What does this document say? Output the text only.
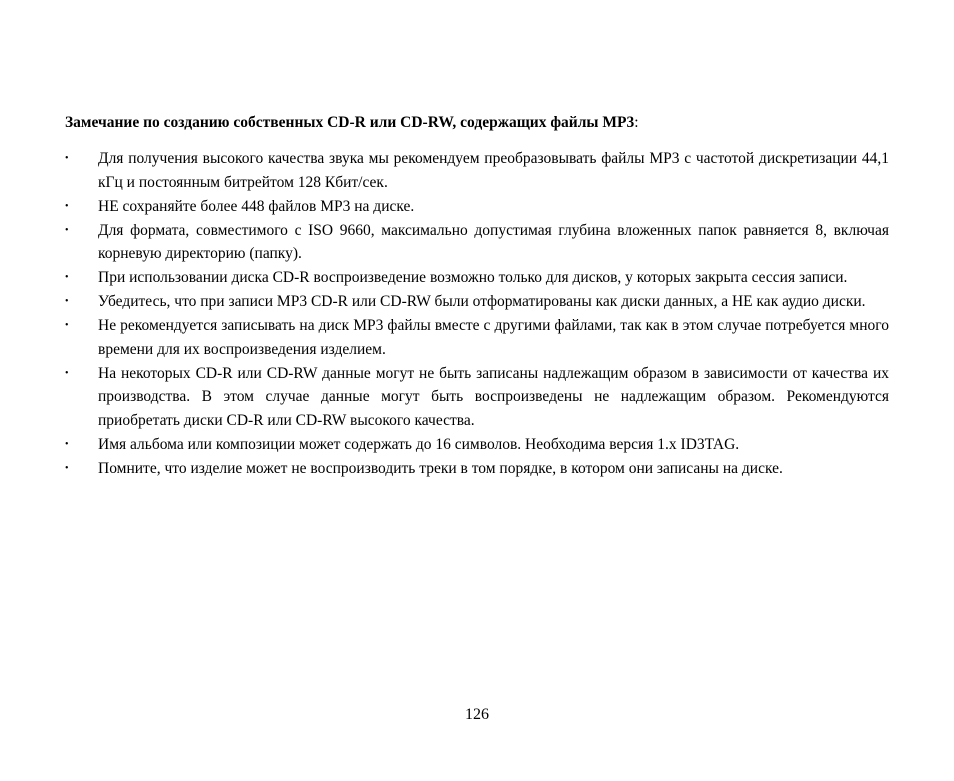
Замечание по созданию собственных CD-R или CD-RW, содержащих файлы MP3:

• Для получения высокого качества звука мы рекомендуем преобразовывать файлы MP3 с частотой дискретизации 44,1 кГц и постоянным битрейтом 128 Кбит/сек.
• НЕ сохраняйте более 448 файлов MP3 на диске.
• Для формата, совместимого с ISO 9660, максимально допустимая глубина вложенных папок равняется 8, включая корневую директорию (папку).
• При использовании диска CD-R воспроизведение возможно только для дисков, у которых закрыта сессия записи.
• Убедитесь, что при записи MP3 CD-R или CD-RW были отформатированы как диски данных, а НЕ как аудио диски.
• Не рекомендуется записывать на диск MP3 файлы вместе с другими файлами, так как в этом случае потребуется много времени для их воспроизведения изделием.
• На некоторых CD-R или CD-RW данные могут не быть записаны надлежащим образом в зависимости от качества их производства. В этом случае данные могут быть воспроизведены не надлежащим образом. Рекомендуются приобретать диски CD-R или CD-RW высокого качества.
• Имя альбома или композиции может содержать до 16 символов. Необходима версия 1.x ID3TAG.
• Помните, что изделие может не воспроизводить треки в том порядке, в котором они записаны на диске.
126
